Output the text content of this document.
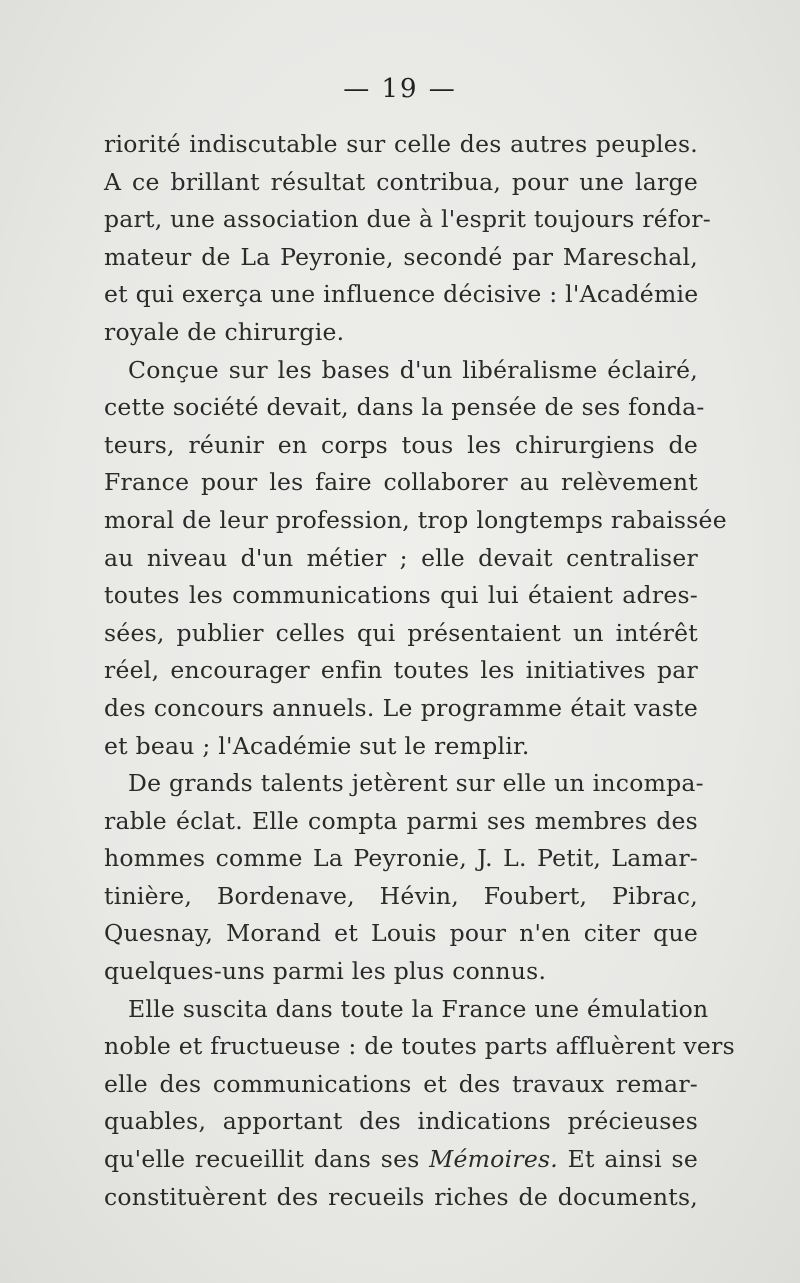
— 19 —
riorité indiscutable sur celle des autres peuples.
A ce brillant résultat contribua, pour une large
part, une association due à l'esprit toujours réfor-
mateur de La Peyronie, secondé par Mareschal,
et qui exerça une influence décisive : l'Académie
royale de chirurgie.
Conçue sur les bases d'un libéralisme éclairé,
cette société devait, dans la pensée de ses fonda-
teurs, réunir en corps tous les chirurgiens de
France pour les faire collaborer au relèvement
moral de leur profession, trop longtemps rabaissée
au niveau d'un métier ; elle devait centraliser
toutes les communications qui lui étaient adres-
sées, publier celles qui présentaient un intérêt
réel, encourager enfin toutes les initiatives par
des concours annuels. Le programme était vaste
et beau ; l'Académie sut le remplir.
De grands talents jetèrent sur elle un incompa-
rable éclat. Elle compta parmi ses membres des
hommes comme La Peyronie, J. L. Petit, Lamar-
tinière, Bordenave, Hévin, Foubert, Pibrac,
Quesnay, Morand et Louis pour n'en citer que
quelques-uns parmi les plus connus.
Elle suscita dans toute la France une émulation
noble et fructueuse : de toutes parts affluèrent vers
elle des communications et des travaux remar-
quables, apportant des indications précieuses
qu'elle recueillit dans ses Mémoires. Et ainsi se
constituèrent des recueils riches de documents,
